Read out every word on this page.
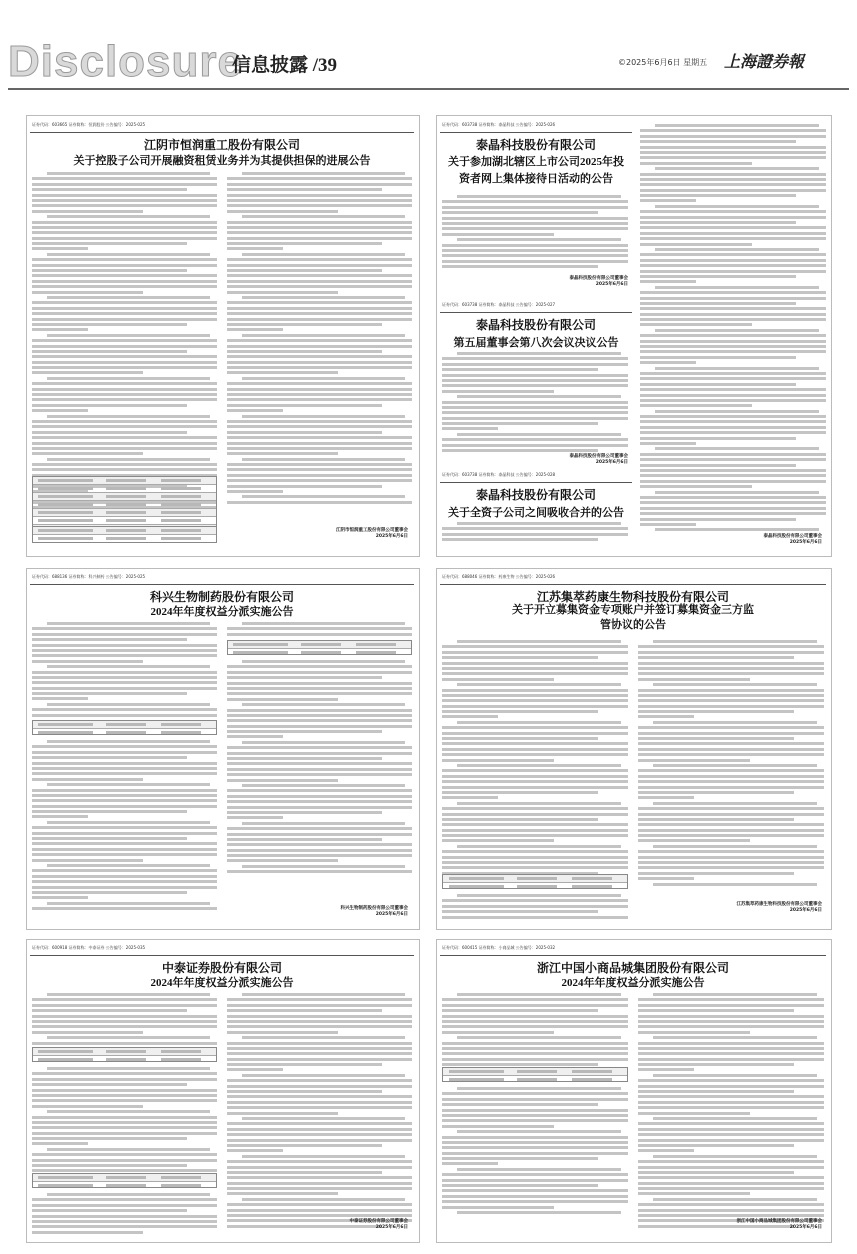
Disclosure
信息披露 /39	©2025年6月6日 星期五 上海證券報
证券代码：603665 证券简称：恒润股份 公告编号：2025-025
江阴市恒润重工股份有限公司
关于控股子公司开展融资租赁业务并为其提供担保的进展公告
江阴市恒润重工股份有限公司董事会
2025年6月6日
证券代码：603738 证券简称：泰晶科技 公告编号：2025-026
泰晶科技股份有限公司
关于参加湖北辖区上市公司2025年投资者网上集体接待日活动的公告
泰晶科技股份有限公司董事会
2025年6月6日
证券代码：603738 证券简称：泰晶科技 公告编号：2025-027
泰晶科技股份有限公司
第五届董事会第八次会议决议公告
泰晶科技股份有限公司董事会
2025年6月6日
证券代码：603738 证券简称：泰晶科技 公告编号：2025-028
泰晶科技股份有限公司
关于全资子公司之间吸收合并的公告
泰晶科技股份有限公司董事会
2025年6月6日
证券代码：688136 证券简称：科兴制药 公告编号：2025-025
科兴生物制药股份有限公司
2024年年度权益分派实施公告
科兴生物制药股份有限公司董事会
2025年6月6日
证券代码：688046 证券简称：药康生物 公告编号：2025-026
江苏集萃药康生物科技股份有限公司
关于开立募集资金专项账户并签订募集资金三方监管协议的公告
江苏集萃药康生物科技股份有限公司董事会
2025年6月6日
证券代码：600918 证券简称：中泰证券 公告编号：2025-035
中泰证券股份有限公司
2024年年度权益分派实施公告
中泰证券股份有限公司董事会
2025年6月6日
证券代码：600415 证券简称：小商品城 公告编号：2025-032
浙江中国小商品城集团股份有限公司
2024年年度权益分派实施公告
浙江中国小商品城集团股份有限公司董事会
2025年6月6日
